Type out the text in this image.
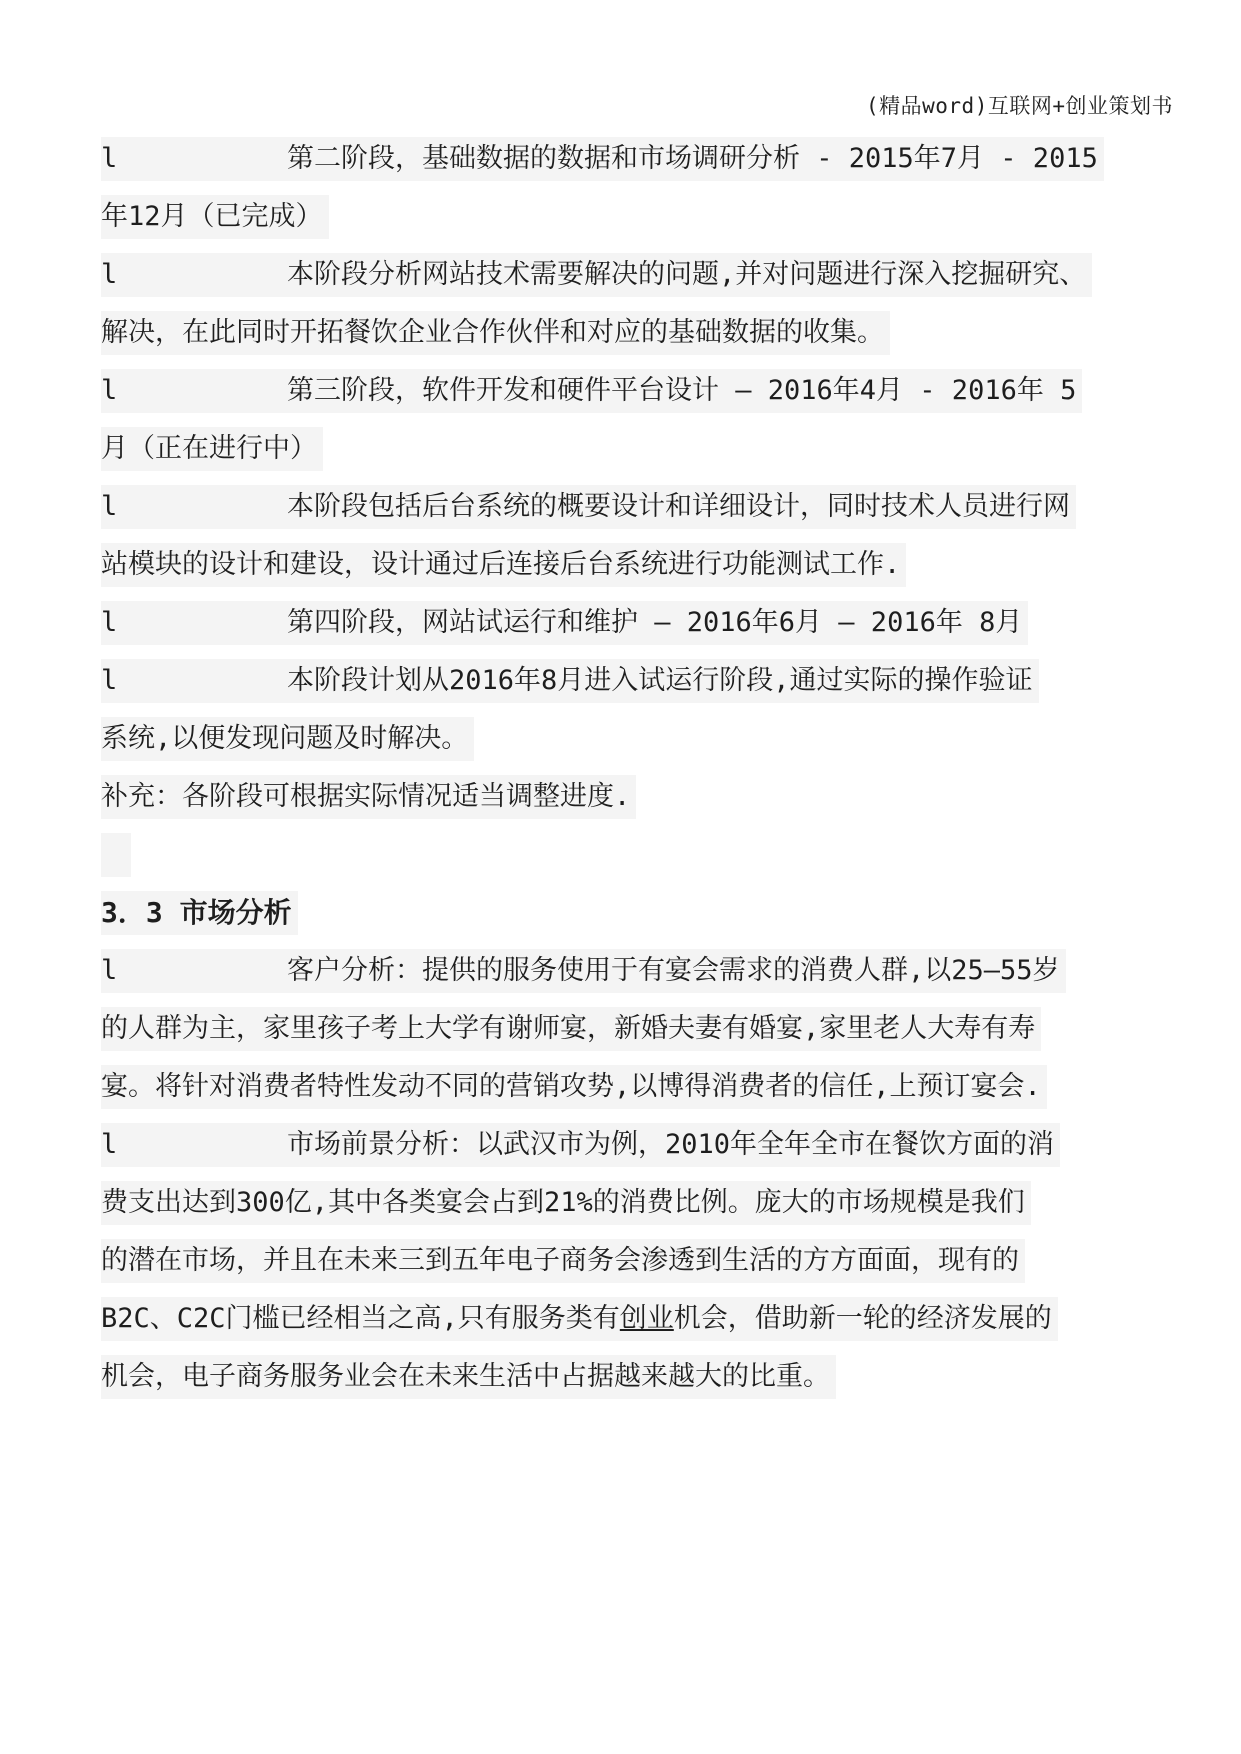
(精品word)互联网+创业策划书
l	第二阶段，基础数据的数据和市场调研分析 - 2015年7月 - 2015
年12月（已完成）
l	本阶段分析网站技术需要解决的问题,并对问题进行深入挖掘研究、
解决，在此同时开拓餐饮企业合作伙伴和对应的基础数据的收集。
l	第三阶段，软件开发和硬件平台设计 — 2016年4月 - 2016年 5
月（正在进行中）
l	本阶段包括后台系统的概要设计和详细设计，同时技术人员进行网
站模块的设计和建设，设计通过后连接后台系统进行功能测试工作.
l	第四阶段，网站试运行和维护 — 2016年6月 — 2016年 8月
l	本阶段计划从2016年8月进入试运行阶段,通过实际的操作验证
系统,以便发现问题及时解决。
补充：各阶段可根据实际情况适当调整进度.
3．3 市场分析
l	客户分析：提供的服务使用于有宴会需求的消费人群,以25—55岁
的人群为主，家里孩子考上大学有谢师宴，新婚夫妻有婚宴,家里老人大寿有寿
宴。将针对消费者特性发动不同的营销攻势,以博得消费者的信任,上预订宴会.
l	市场前景分析：以武汉市为例，2010年全年全市在餐饮方面的消
费支出达到300亿,其中各类宴会占到21%的消费比例。庞大的市场规模是我们
的潜在市场，并且在未来三到五年电子商务会渗透到生活的方方面面，现有的
B2C、C2C门槛已经相当之高,只有服务类有创业机会，借助新一轮的经济发展的
机会，电子商务服务业会在未来生活中占据越来越大的比重。
